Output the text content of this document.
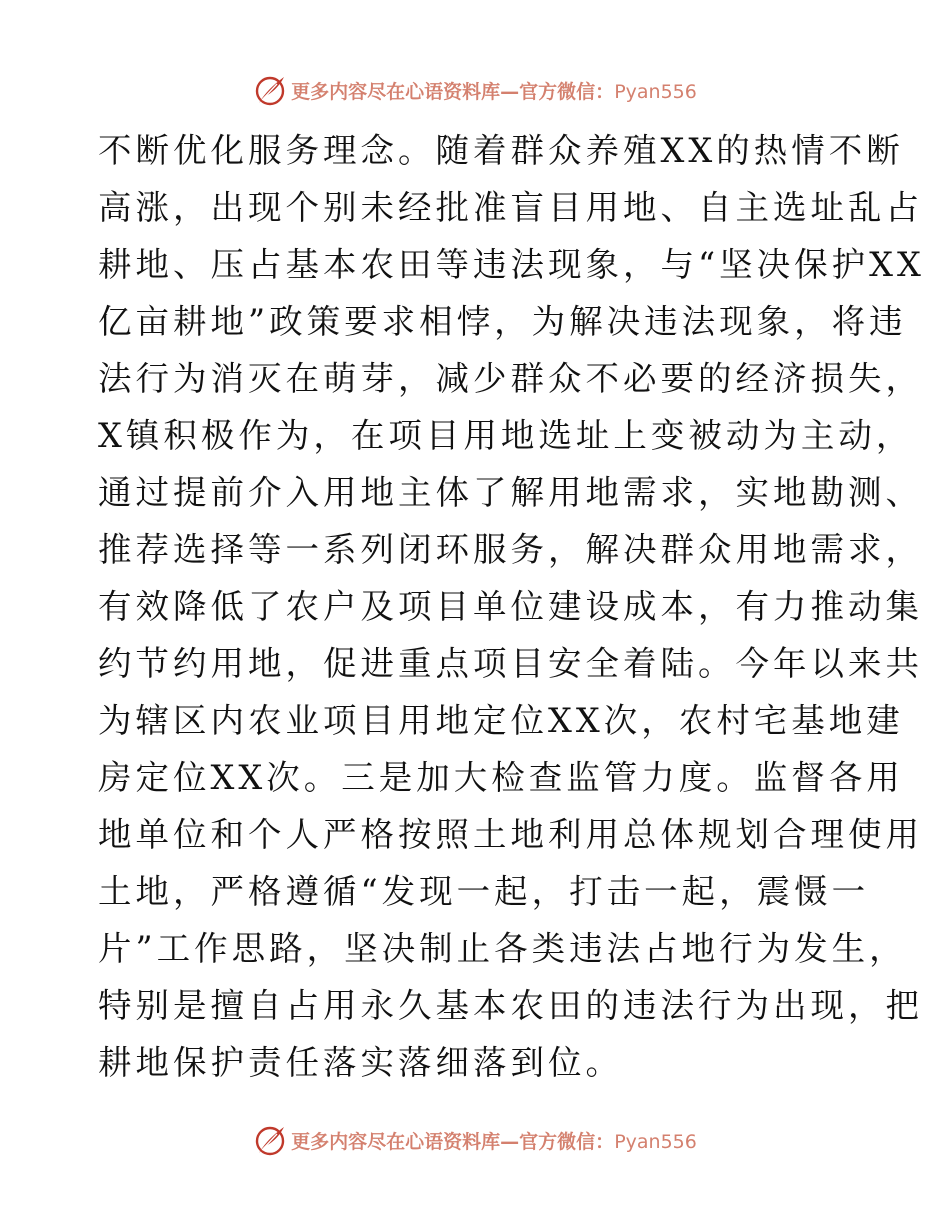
更多内容尽在心语资料库—官方微信：Pyan556
不断优化服务理念。随着群众养殖XX的热情不断
高涨，出现个别未经批准盲目用地、自主选址乱占
耕地、压占基本农田等违法现象，与“坚决保护XX
亿亩耕地”政策要求相悖，为解决违法现象，将违
法行为消灭在萌芽，减少群众不必要的经济损失，
X镇积极作为，在项目用地选址上变被动为主动，
通过提前介入用地主体了解用地需求，实地勘测、
推荐选择等一系列闭环服务，解决群众用地需求，
有效降低了农户及项目单位建设成本，有力推动集
约节约用地，促进重点项目安全着陆。今年以来共
为辖区内农业项目用地定位XX次，农村宅基地建
房定位XX次。三是加大检查监管力度。监督各用
地单位和个人严格按照土地利用总体规划合理使用
土地，严格遵循“发现一起，打击一起，震慑一
片”工作思路，坚决制止各类违法占地行为发生，
特别是擅自占用永久基本农田的违法行为出现，把
耕地保护责任落实落细落到位。
更多内容尽在心语资料库—官方微信：Pyan556
